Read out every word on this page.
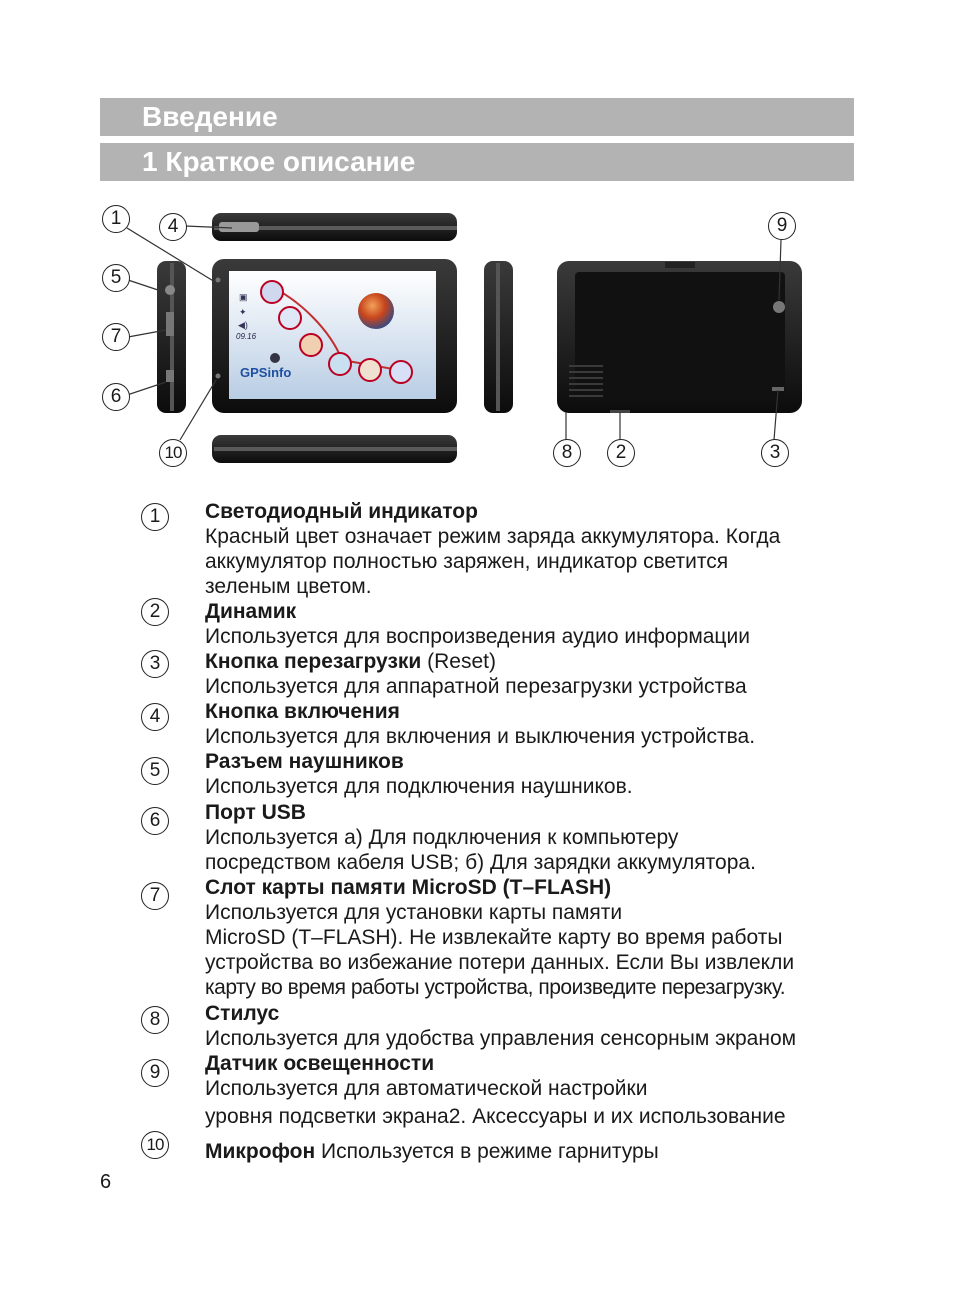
Введение
1 Краткое описание
▣
✦
◀)
09.16
GPSinfo
1	4
5
7
6
10
9
8	2	3
1	Светодиодный индикатор
Красный цвет означает режим заряда аккумулятора. Когда
аккумулятор полностью заряжен, индикатор светится
зеленым цветом.
2	Динамик
Используется для воспроизведения аудио информации
3	Кнопка перезагрузки (Reset)
Используется для аппаратной перезагрузки устройства
4	Кнопка включения
Используется для включения и выключения устройства.
5	Разъем наушников
Используется для подключения наушников.
6	Порт USB
Используется а) Для подключения к компьютеру
посредством кабеля USB; б) Для зарядки аккумулятора.
7	Слот карты памяти MicroSD (T–FLASH)
Используется для установки карты памяти
MicroSD (T–FLASH). Не извлекайте карту во время работы
устройства во избежание потери данных. Если Вы извлекли
карту во время работы устройства, произведите перезагрузку.
8	Стилус
Используется для удобства управления сенсорным экраном
9	Датчик освещенности
Используется для автоматической настройки
уровня подсветки экрана2. Аксессуары и их использование
10 Микрофон Используется в режиме гарнитуры
6
